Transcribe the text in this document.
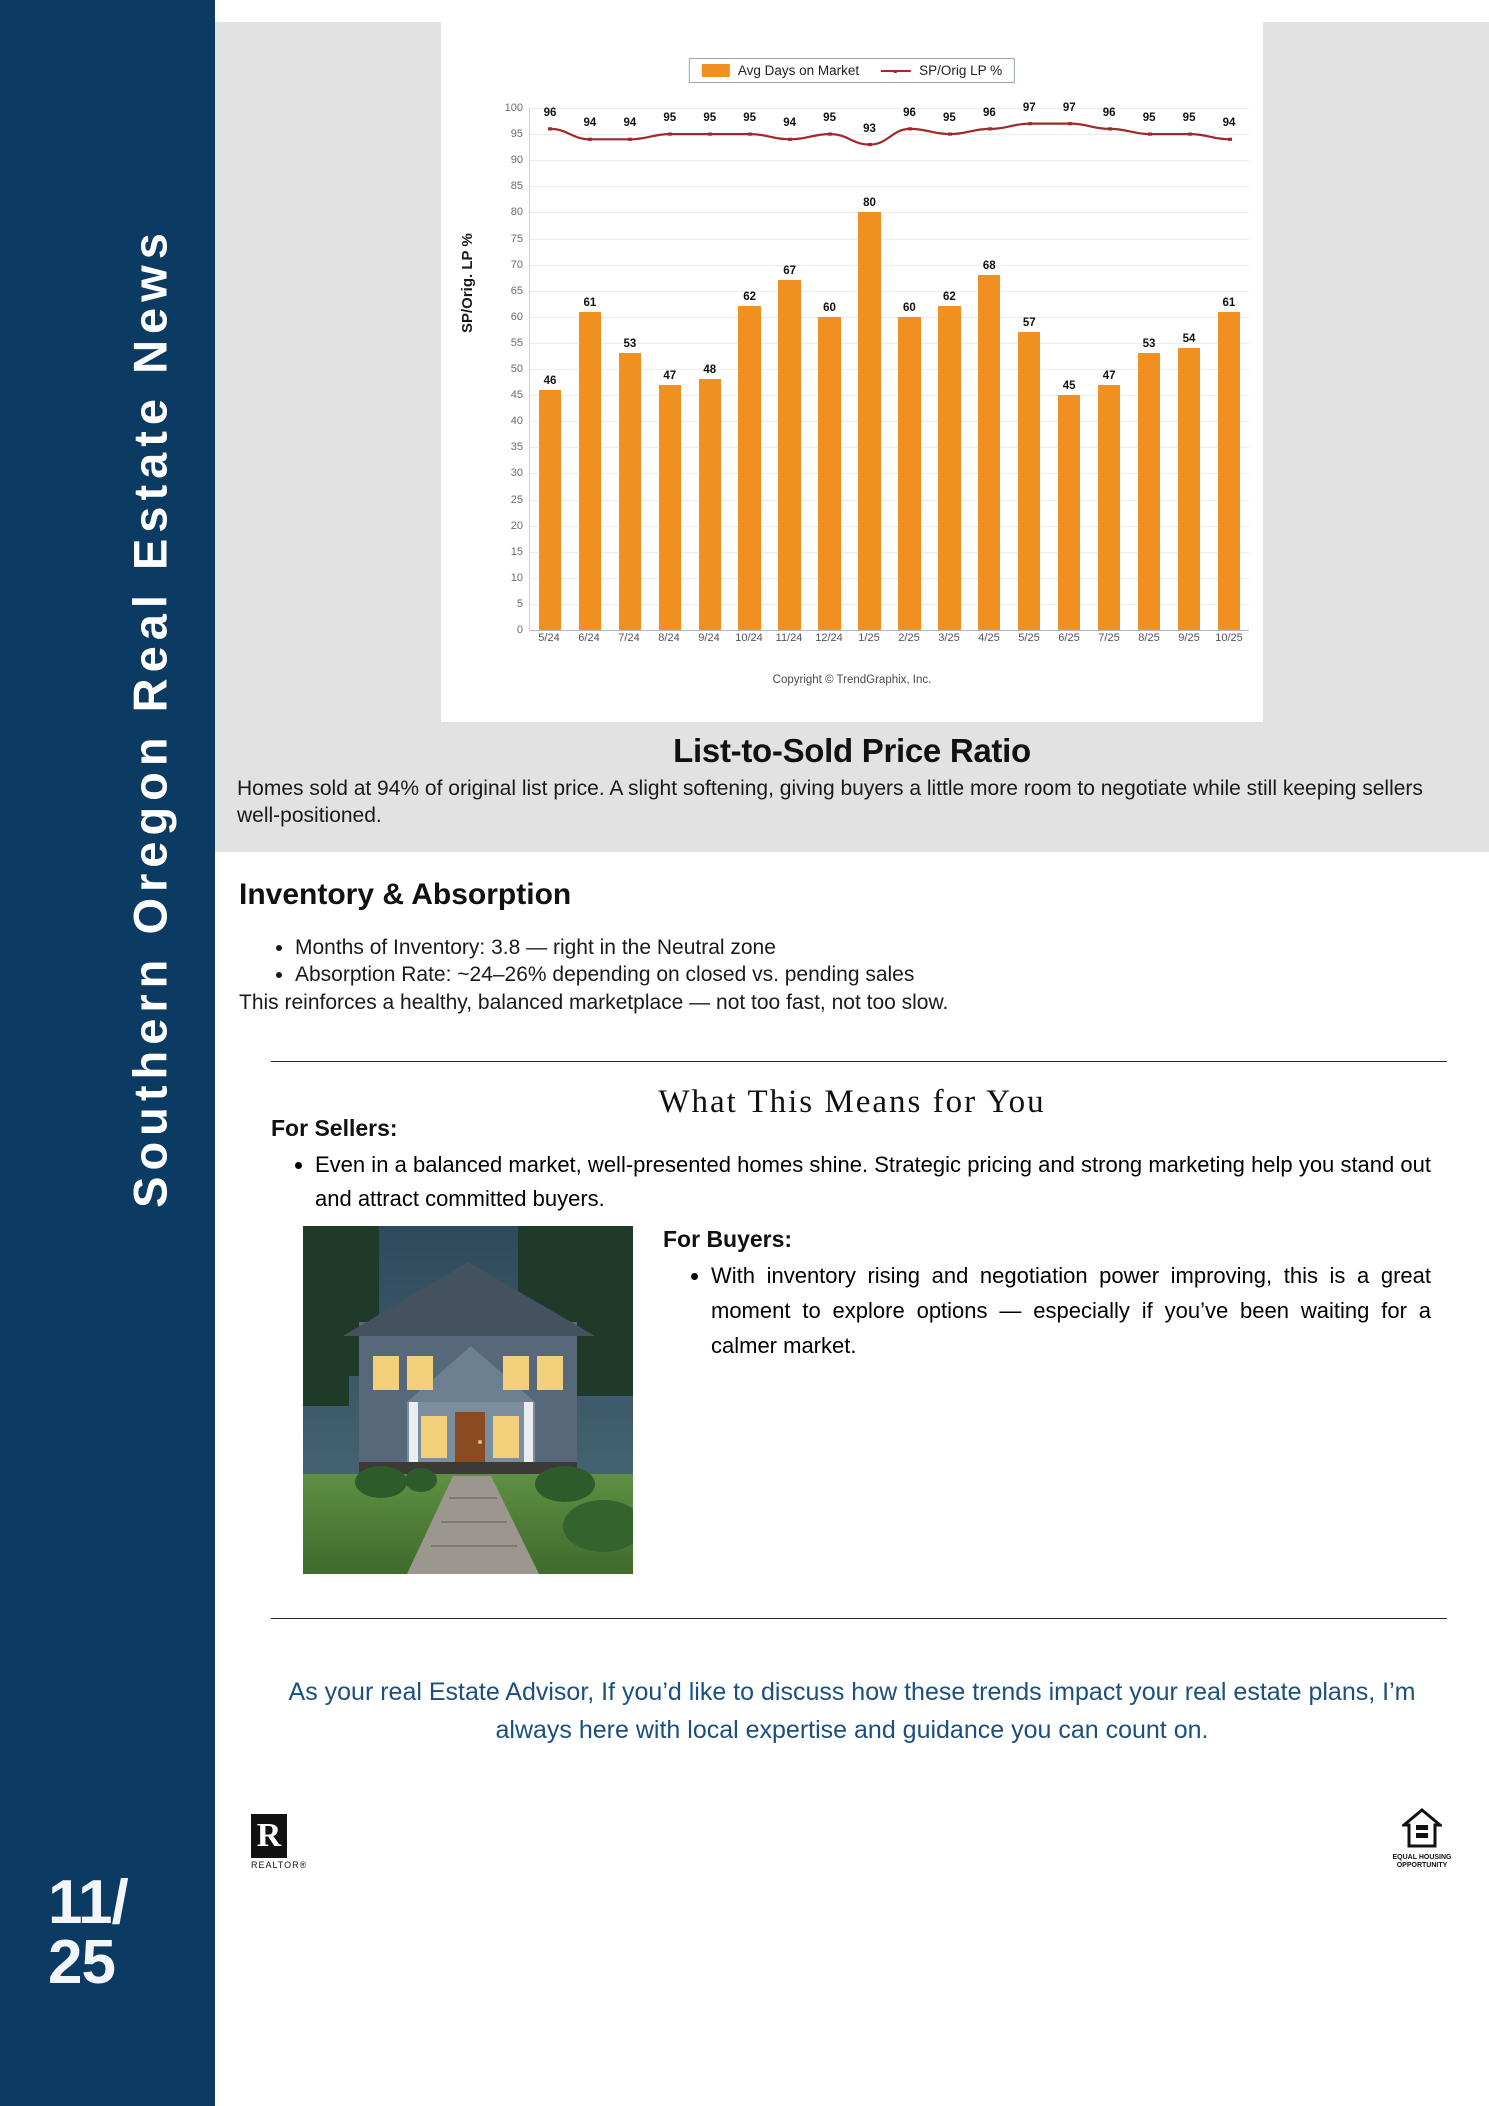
Southern Oregon Real Estate News
11/
25
Avg Days on Market	SP/Orig LP %
SP/Orig. LP %
0
5
10
15
20
25
30
35
40
45
50
55
60
65
70
75
80
85
90
95
100
46
61
53
47 48
62
67
60
80
60
62
68
57
45
47
53 54
61
96
94 94 95 95 95 94 95
93
96 95 96 97 97 96 95 95 94
5/24	6/24	7/24	8/24	9/24	10/24	11/24	12/24	1/25	2/25	3/25	4/25	5/25	6/25	7/25	8/25	9/25	10/25
Copyright © TrendGraphix, Inc.
List-to-Sold Price Ratio

Homes sold at 94% of original list price. A slight softening, giving buyers a little more room to negotiate while still keeping sellers well-positioned.

Inventory & Absorption
• Months of Inventory: 3.8 — right in the Neutral zone
• Absorption Rate: ~24–26% depending on closed vs. pending sales

This reinforces a healthy, balanced marketplace — not too fast, not too slow.

What This Means for You
For Sellers:
• Even in a balanced market, well-presented homes shine. Strategic pricing and strong marketing help you stand out and attract committed buyers.
For Buyers:
• With inventory rising and negotiation power improving, this is a great moment to explore options — especially if you’ve been waiting for a calmer market.

As your real Estate Advisor, If you’d like to discuss how these trends impact your real estate plans, I’m always here with local expertise and guidance you can count on.

R
REALTOR®
EQUAL HOUSING
OPPORTUNITY
